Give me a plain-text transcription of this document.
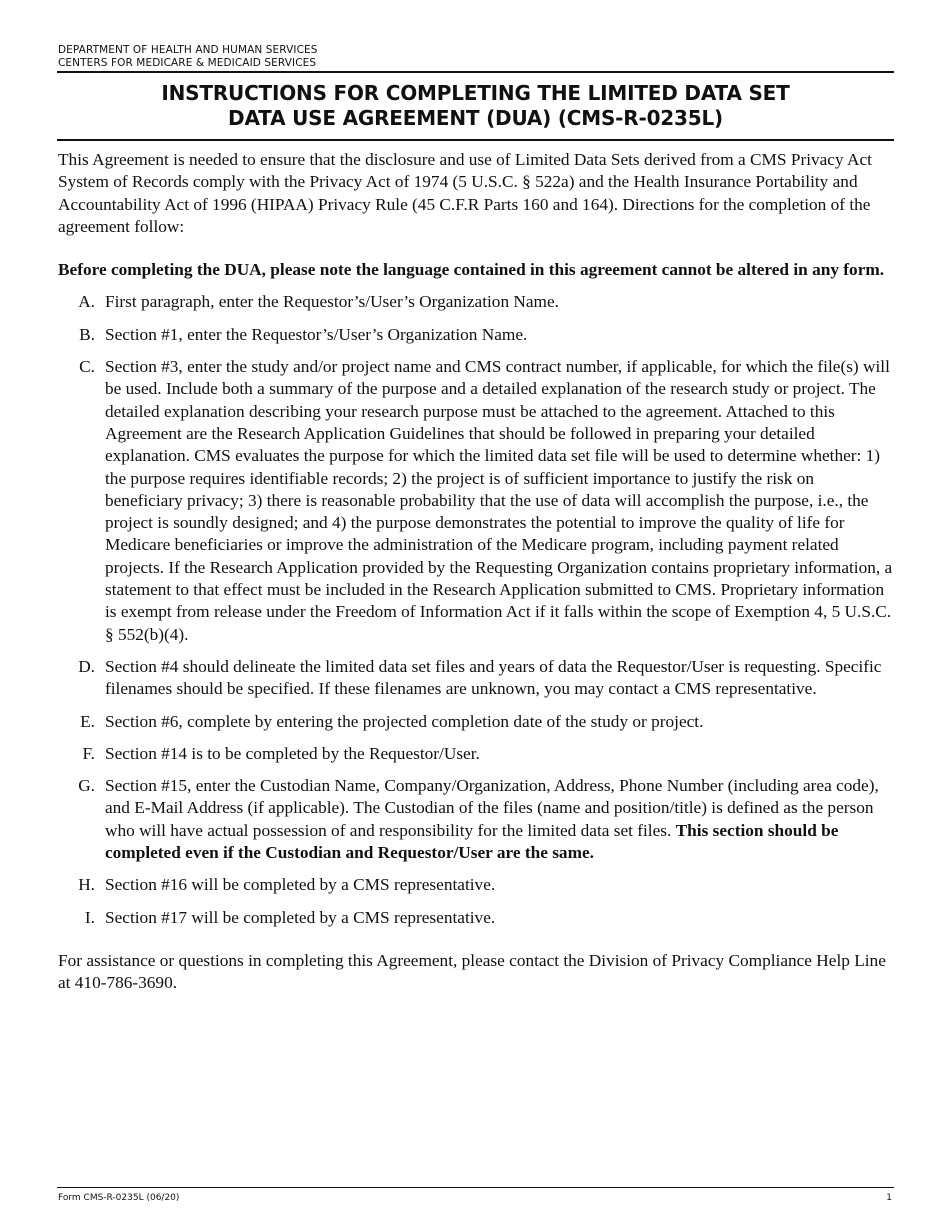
DEPARTMENT OF HEALTH AND HUMAN SERVICES
CENTERS FOR MEDICARE & MEDICAID SERVICES
INSTRUCTIONS FOR COMPLETING THE LIMITED DATA SET
DATA USE AGREEMENT (DUA) (CMS-R-0235L)

This Agreement is needed to ensure that the disclosure and use of Limited Data Sets derived from a CMS Privacy Act System of Records comply with the Privacy Act of 1974 (5 U.S.C. § 522a) and the Health Insurance Portability and Accountability Act of 1996 (HIPAA) Privacy Rule (45 C.F.R Parts 160 and 164). Directions for the completion of the agreement follow:

Before completing the DUA, please note the language contained in this agreement cannot be altered in any form.

A. First paragraph, enter the Requestor’s/User’s Organization Name.
B. Section #1, enter the Requestor’s/User’s Organization Name.
C. Section #3, enter the study and/or project name and CMS contract number, if applicable, for which the file(s) will be used. Include both a summary of the purpose and a detailed explanation of the research study or project. The detailed explanation describing your research purpose must be attached to the agreement. Attached to this Agreement are the Research Application Guidelines that should be followed in preparing your detailed explanation. CMS evaluates the purpose for which the limited data set file will be used to determine whether: 1) the purpose requires identifiable records; 2) the project is of sufficient importance to justify the risk on beneficiary privacy; 3) there is reasonable probability that the use of data will accomplish the purpose, i.e., the project is soundly designed; and 4) the purpose demonstrates the potential to improve the quality of life for Medicare beneficiaries or improve the administration of the Medicare program, including payment related projects. If the Research Application provided by the Requesting Organization contains proprietary information, a statement to that effect must be included in the Research Application submitted to CMS. Proprietary information is exempt from release under the Freedom of Information Act if it falls within the scope of Exemption 4, 5 U.S.C. § 552(b)(4).
D. Section #4 should delineate the limited data set files and years of data the Requestor/User is requesting. Specific filenames should be specified. If these filenames are unknown, you may contact a CMS representative.
E. Section #6, complete by entering the projected completion date of the study or project.
F. Section #14 is to be completed by the Requestor/User.
G. Section #15, enter the Custodian Name, Company/Organization, Address, Phone Number (including area code), and E-Mail Address (if applicable). The Custodian of the files (name and position/title) is defined as the person who will have actual possession of and responsibility for the limited data set files. This section should be completed even if the Custodian and Requestor/User are the same.
H. Section #16 will be completed by a CMS representative.
I. Section #17 will be completed by a CMS representative.

For assistance or questions in completing this Agreement, please contact the Division of Privacy Compliance Help Line at 410-786-3690.

Form CMS-R-0235L (06/20)	1
